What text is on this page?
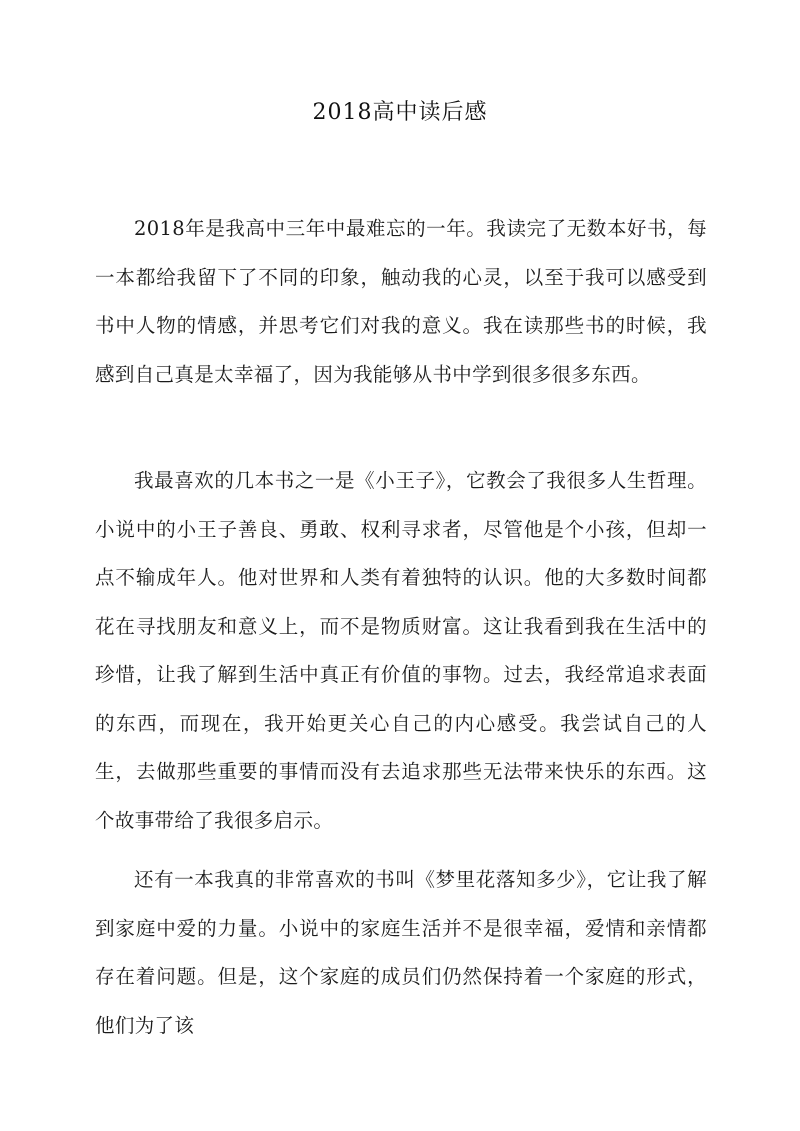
2018高中读后感

2018年是我高中三年中最难忘的一年。我读完了无数本好书，每一本都给我留下了不同的印象，触动我的心灵，以至于我可以感受到书中人物的情感，并思考它们对我的意义。我在读那些书的时候，我感到自己真是太幸福了，因为我能够从书中学到很多很多东西。

我最喜欢的几本书之一是《小王子》，它教会了我很多人生哲理。小说中的小王子善良、勇敢、权利寻求者，尽管他是个小孩，但却一点不输成年人。他对世界和人类有着独特的认识。他的大多数时间都花在寻找朋友和意义上，而不是物质财富。这让我看到我在生活中的珍惜，让我了解到生活中真正有价值的事物。过去，我经常追求表面的东西，而现在，我开始更关心自己的内心感受。我尝试自己的人生，去做那些重要的事情而没有去追求那些无法带来快乐的东西。这个故事带给了我很多启示。

还有一本我真的非常喜欢的书叫《梦里花落知多少》，它让我了解到家庭中爱的力量。小说中的家庭生活并不是很幸福，爱情和亲情都存在着问题。但是，这个家庭的成员们仍然保持着一个家庭的形式，他们为了该
